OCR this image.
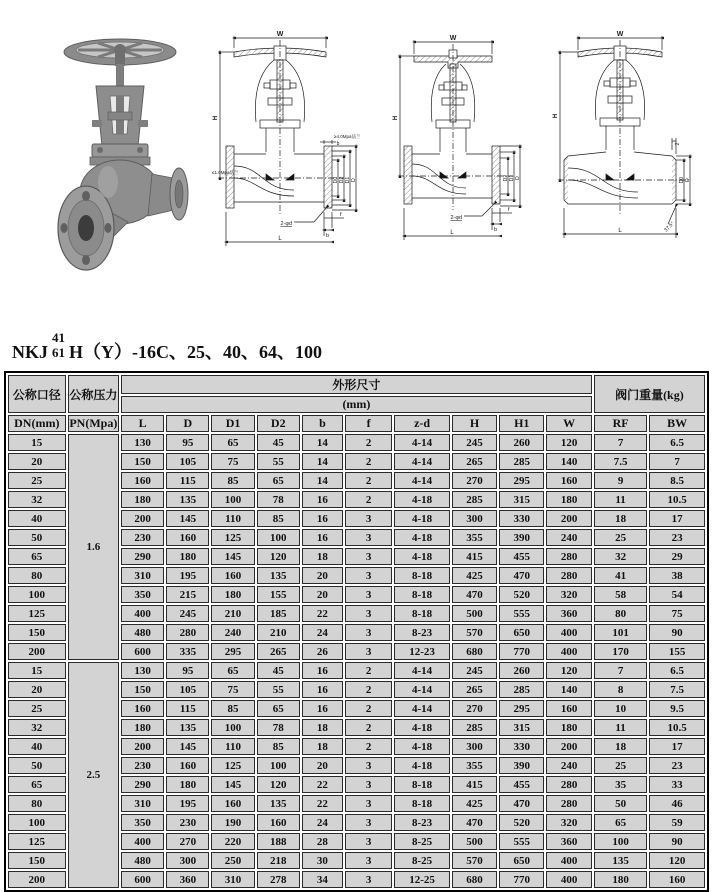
W
H
≤1.6Mpa法兰
≥4.0Mpa法兰
b
D0 D2 D1 D
2-φd
f
b
L
W
H
D2 D1 D
2-φd
f
b
L
W
H
2
D0 D
37.5°
L
NKJ
41
61 H（Y）-16C、25、40、64、100
公称口径	公称压力	外形尺寸										阀门重量(kg)	
		(mm)											
DN(mm)	PN(Mpa)	L	D	D1	D2	b	f	z-d	H	H1	W	RF	BW
15	1.6	130	95	65	45	14	2	4-14	245	260	120	7	6.5
20		150	105	75	55	14	2	4-14	265	285	140	7.5	7
25		160	115	85	65	14	2	4-14	270	295	160	9	8.5
32		180	135	100	78	16	2	4-18	285	315	180	11	10.5
40		200	145	110	85	16	3	4-18	300	330	200	18	17
50		230	160	125	100	16	3	4-18	355	390	240	25	23
65		290	180	145	120	18	3	4-18	415	455	280	32	29
80		310	195	160	135	20	3	8-18	425	470	280	41	38
100		350	215	180	155	20	3	8-18	470	520	320	58	54
125		400	245	210	185	22	3	8-18	500	555	360	80	75
150		480	280	240	210	24	3	8-23	570	650	400	101	90
200		600	335	295	265	26	3	12-23	680	770	400	170	155
15	2.5	130	95	65	45	16	2	4-14	245	260	120	7	6.5
20		150	105	75	55	16	2	4-14	265	285	140	8	7.5
25		160	115	85	65	16	2	4-14	270	295	160	10	9.5
32		180	135	100	78	18	2	4-18	285	315	180	11	10.5
40		200	145	110	85	18	2	4-18	300	330	200	18	17
50		230	160	125	100	20	3	4-18	355	390	240	25	23
65		290	180	145	120	22	3	8-18	415	455	280	35	33
80		310	195	160	135	22	3	8-18	425	470	280	50	46
100		350	230	190	160	24	3	8-23	470	520	320	65	59
125		400	270	220	188	28	3	8-25	500	555	360	100	90
150		480	300	250	218	30	3	8-25	570	650	400	135	120
200		600	360	310	278	34	3	12-25	680	770	400	180	160
